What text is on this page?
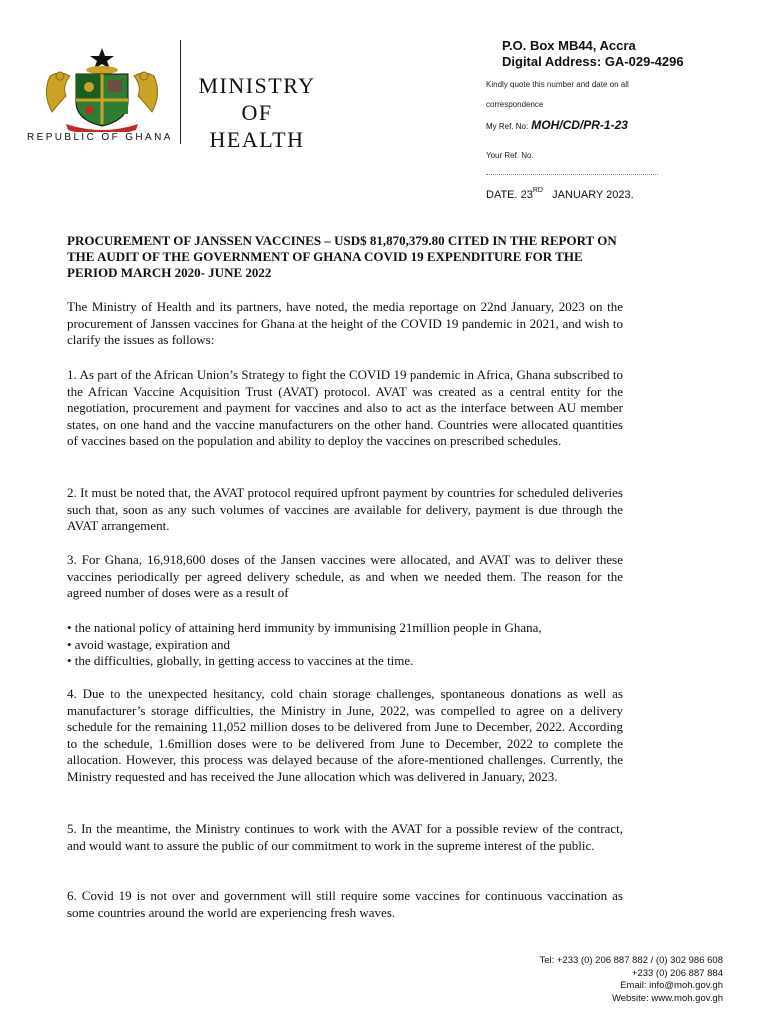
REPUBLIC OF GHANA
MINISTRY
OF
HEALTH
P.O. Box MB44, Accra
Digital Address: GA-029-4296
Kindly quote this number and date on all
correspondence
My Ref. No: MOH/CD/PR-1-23
Your Ref. No.
DATE. 23RD JANUARY 2023.
PROCUREMENT OF JANSSEN VACCINES – USD$ 81,870,379.80 CITED IN THE REPORT ON THE AUDIT OF THE GOVERNMENT OF GHANA COVID 19 EXPENDITURE FOR THE PERIOD MARCH 2020- JUNE 2022
The Ministry of Health and its partners, have noted, the media reportage on 22nd January, 2023 on the procurement of Janssen vaccines for Ghana at the height of the COVID 19 pandemic in 2021, and wish to clarify the issues as follows:
1. As part of the African Union’s Strategy to fight the COVID 19 pandemic in Africa, Ghana subscribed to the African Vaccine Acquisition Trust (AVAT) protocol. AVAT was created as a central entity for the negotiation, procurement and payment for vaccines and also to act as the interface between AU member states, on one hand and the vaccine manufacturers on the other hand. Countries were allocated quantities of vaccines based on the population and ability to deploy the vaccines on prescribed schedules.
2. It must be noted that, the AVAT protocol required upfront payment by countries for scheduled deliveries such that, soon as any such volumes of vaccines are available for delivery, payment is due through the AVAT arrangement.
3. For Ghana, 16,918,600 doses of the Jansen vaccines were allocated, and AVAT was to deliver these vaccines periodically per agreed delivery schedule, as and when we needed them. The reason for the agreed number of doses were as a result of
• the national policy of attaining herd immunity by immunising 21million people in Ghana,
• avoid wastage, expiration and
• the difficulties, globally, in getting access to vaccines at the time.
4. Due to the unexpected hesitancy, cold chain storage challenges, spontaneous donations as well as manufacturer’s storage difficulties, the Ministry in June, 2022, was compelled to agree on a delivery schedule for the remaining 11,052 million doses to be delivered from June to December, 2022. According to the schedule, 1.6million doses were to be delivered from June to December, 2022 to complete the allocation. However, this process was delayed because of the afore-mentioned challenges. Currently, the Ministry requested and has received the June allocation which was delivered in January, 2023.
5. In the meantime, the Ministry continues to work with the AVAT for a possible review of the contract, and would want to assure the public of our commitment to work in the supreme interest of the public.
6. Covid 19 is not over and government will still require some vaccines for continuous vaccination as some countries around the world are experiencing fresh waves.
Tel: +233 (0) 206 887 882 / (0) 302 986 608
+233 (0) 206 887 884
Email: info@moh.gov.gh
Website: www.moh.gov.gh
